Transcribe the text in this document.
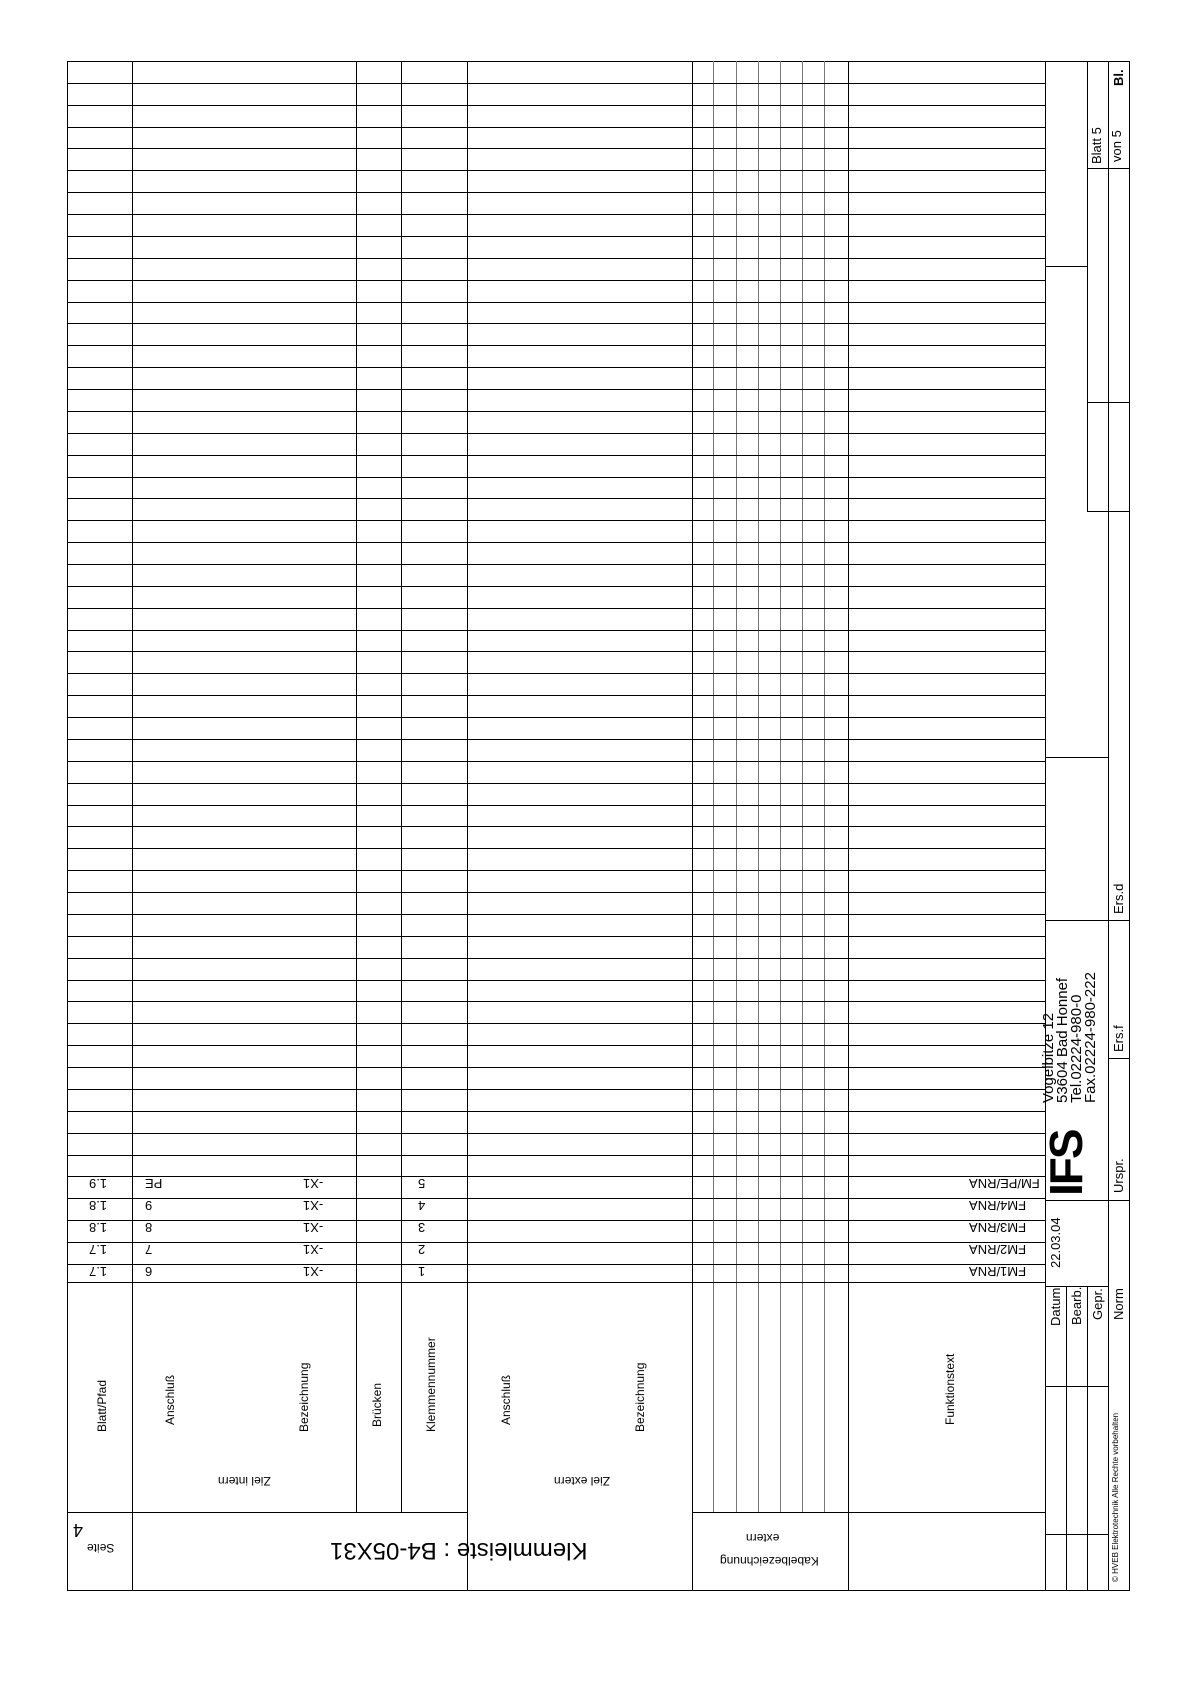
1.7	6	-X1	1	FM1/RNA
1.7	7	-X1	2	FM2/RNA
1.8	8	-X1	3	FM3/RNA
1.8	9	-X1	4	FM4/RNA
1.9	PE	-X1	5	FM/PE/RNA
Blatt/Pfad	Anschluß	Bezeichnung
Ziel intern
Brücken	Klemmennummer	Anschluß	Bezeichnung
Ziel extern
Funktionstext
Kabelbezeichnung
extern
Seite
4
Klemmleiste : B4-05X31
Datum
22.03.04
Bearb. Gepr. Norm
Urspr.
Ers.f
Ers.d
IFS
Vogelbitze 12
53604 Bad Honnef
Tel.02224-980-0
Fax.02224-980-222
© HVEB Elektrotechnik Alle Rechte vorbehalten
Blatt 5 von 5
Bl.
